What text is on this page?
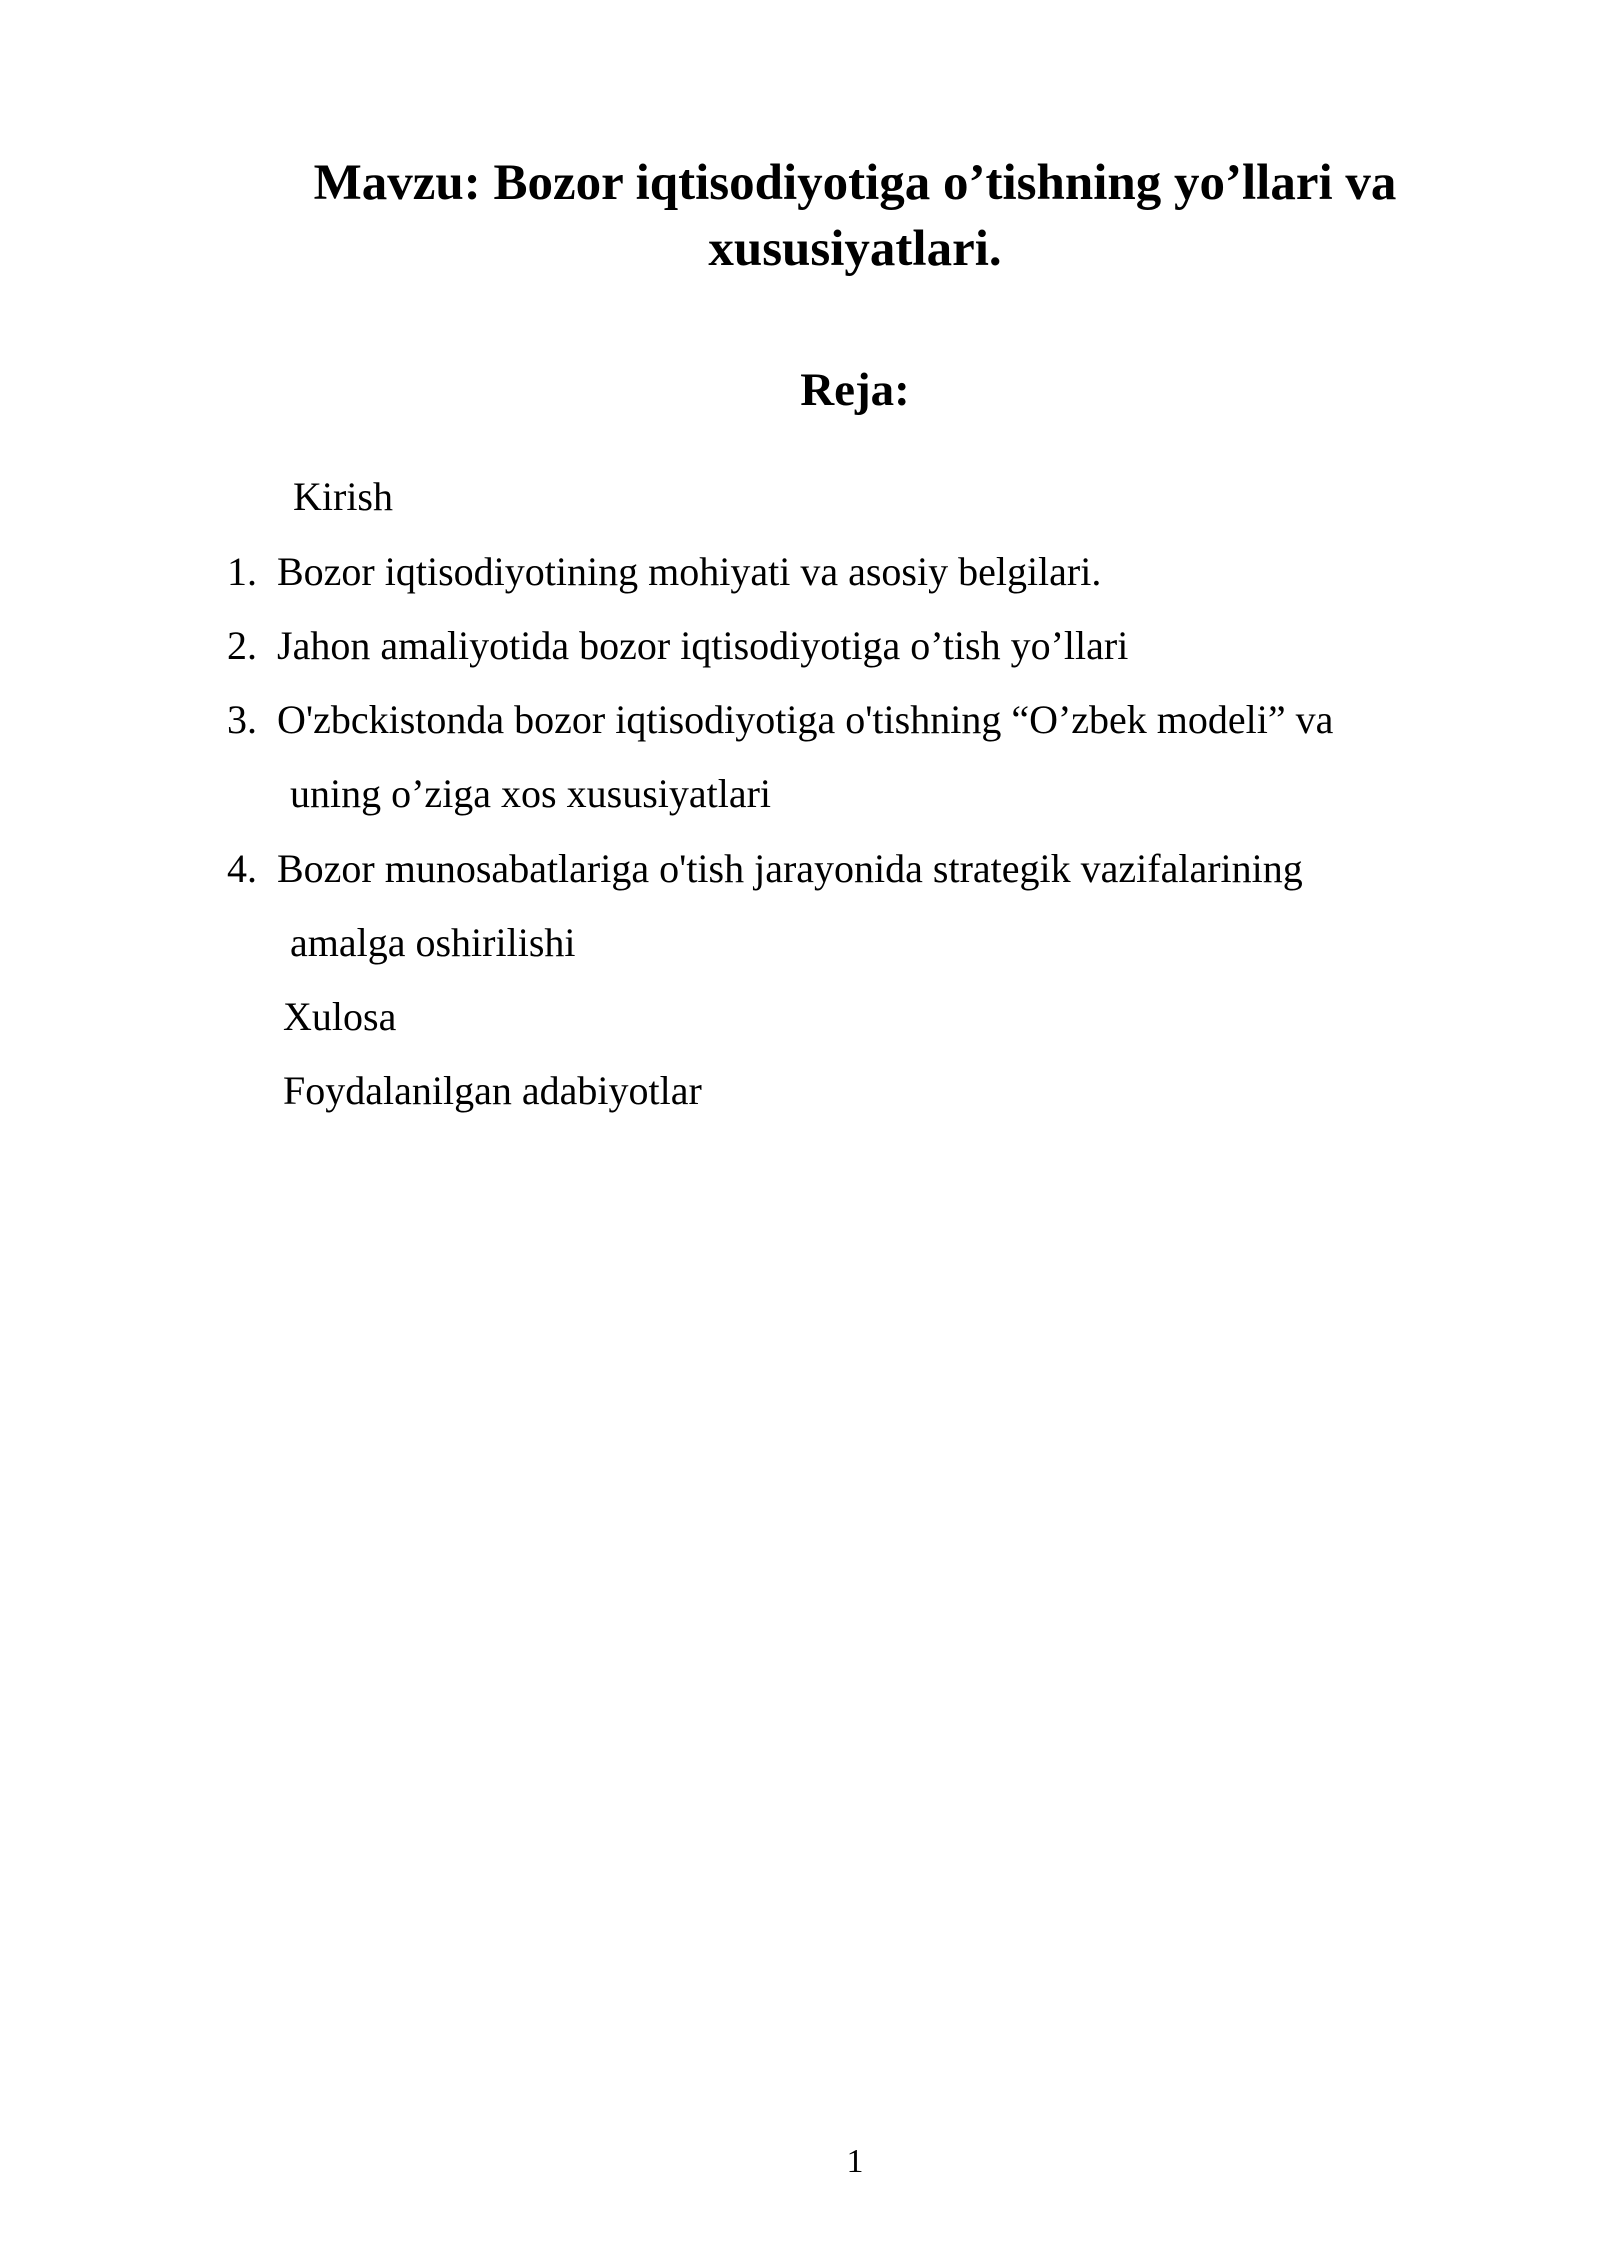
Mavzu: Bozor iqtisodiyotiga o’tishning yo’llari va
xususiyatlari.
Reja:

Kirish

1. Bozor iqtisodiyotining mohiyati va asosiy belgilari.

2. Jahon amaliyotida bozor iqtisodiyotiga o’tish yo’llari

3. O'zbckistonda bozor iqtisodiyotiga o'tishning “O’zbek modeli” va

uning o’ziga xos xususiyatlari

4. Bozor munosabatlariga o'tish jarayonida strategik vazifalarining

amalga oshirilishi

Xulosa

Foydalanilgan adabiyotlar

1
